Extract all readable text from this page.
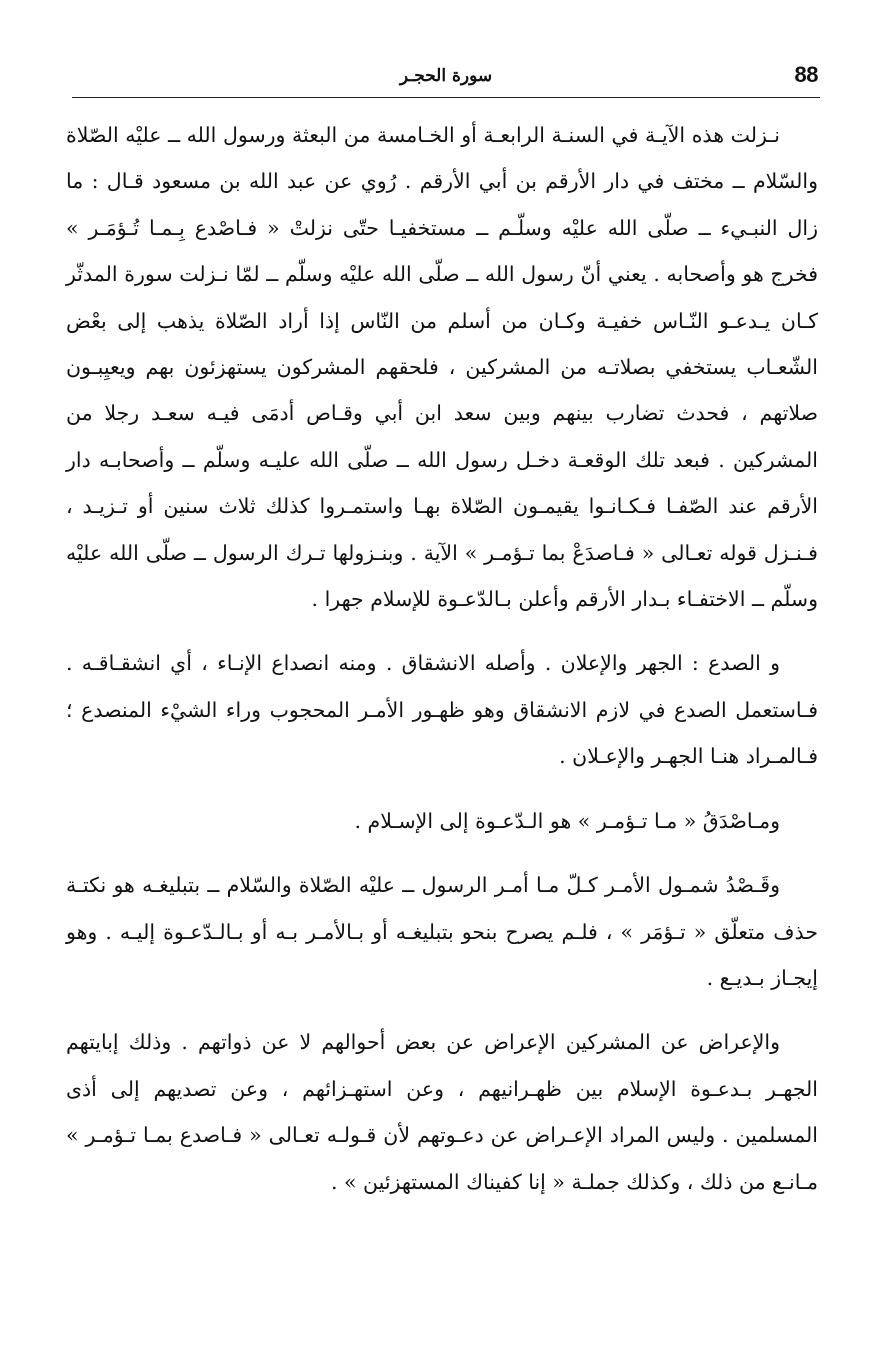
88
سورة الحجـر

نـزلت هذه الآيـة في السنـة الرابعـة أو الخـامسة من البعثة ورسول الله ــ عليْه الصّلاة والسّلام ــ مختف في دار الأرقم بن أبي الأرقم . رُوي عن عبد الله بن مسعود قـال : ما زال النبـيء ــ صلّى الله عليْه وسلّـم ــ مستخفيـا حتّى نزلتْ « فـاصْدع بِـمـا تُـؤمَـر » فخرج هو وأصحابه . يعني أنّ رسول الله ــ صلّى الله عليْه وسلّم ــ لمّا نـزلت سورة المدثّر كـان يـدعـو النّـاس خفيـة وكـان من أسلم من النّاس إذا أراد الصّلاة يذهب إلى بعْض الشّعـاب يستخفي بصلاتـه من المشركين ، فلحقهم المشركون يستهزئون بهم ويعيِبـون صلاتهم ، فحدث تضارب بينهم وبين سعد ابن أبي وقـاص أدمَى فيـه سعـد رجلا من المشركين . فبعد تلك الوقعـة دخـل رسول الله ــ صلّى الله عليـه وسلّم ــ وأصحابـه دار الأرقم عند الصّفـا فـكـانـوا يقيمـون الصّلاة بهـا واستمـروا كذلك ثلاث سنين أو تـزيـد ، فـنـزل قوله تعـالى « فـاصدَعْ بما تـؤمـر » الآية . وبنـزولها تـرك الرسول ــ صلّى الله عليْه وسلّم ــ الاختفـاء بـدار الأرقم وأعلن بـالدّعـوة للإسلام جهرا .

و الصدع : الجهر والإعلان . وأصله الانشقاق . ومنه انصداع الإنـاء ، أي انشقـاقـه . فـاستعمل الصدع في لازم الانشقاق وهو ظهـور الأمـر المحجوب وراء الشيْء المنصدع ؛ فـالمـراد هنـا الجهـر والإعـلان .

ومـاصْدَقُ « مـا تـؤمـر » هو الـدّعـوة إلى الإسـلام .

وقَـصْدُ شمـول الأمـر كـلّ مـا أمـر الرسول ــ عليْه الصّلاة والسّلام ــ بتبليغـه هو نكتـة حذف متعلّق « تـؤمَر » ، فلـم يصرح بنحو بتبليغـه أو بـالأمـر بـه أو بـالـدّعـوة إليـه . وهو إيجـاز بـديـع .

والإعراض عن المشركين الإعراض عن بعض أحوالهم لا عن ذواتهم . وذلك إبايتهم الجهـر بـدعـوة الإسلام بين ظهـرانيهم ، وعن استهـزائهم ، وعن تصديهم إلى أذى المسلمين . وليس المراد الإعـراض عن دعـوتهم لأن قـولـه تعـالى « فـاصدع بمـا تـؤمـر » مـانـع من ذلك ، وكذلك جملـة « إنا كفيناك المستهزئين » .
